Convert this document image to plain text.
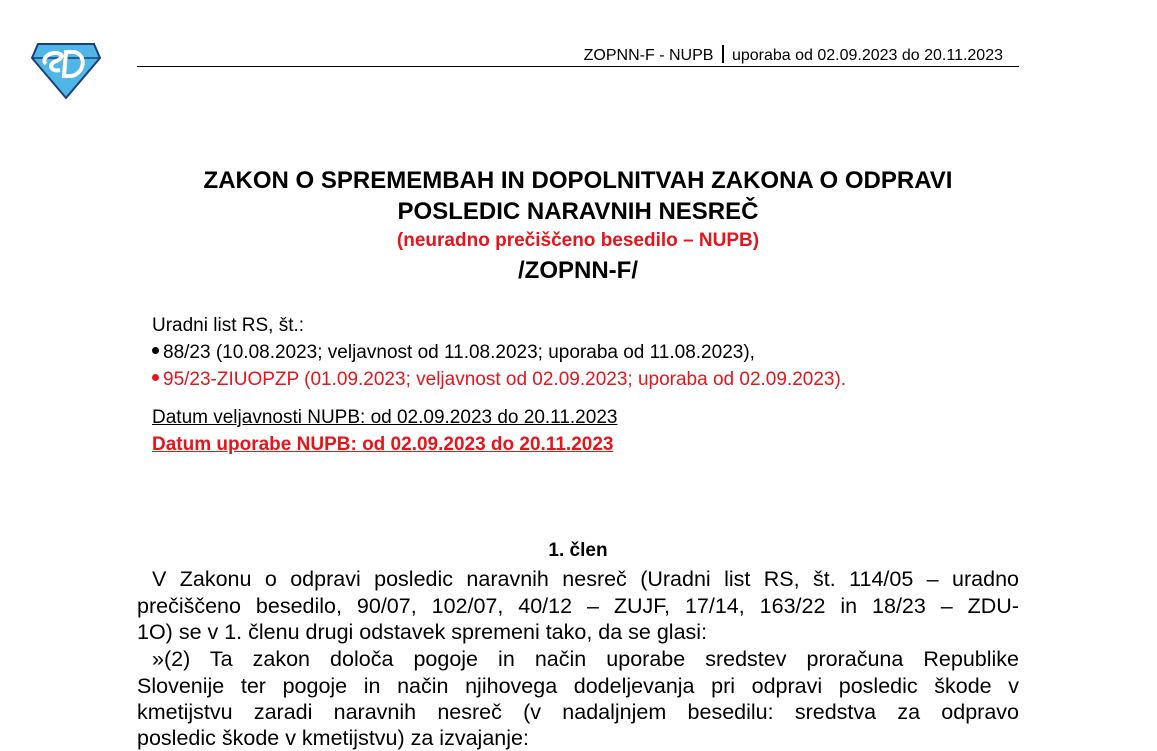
ZOPNN-F - NUPB uporaba od 02.09.2023 do 20.11.2023
ZAKON O SPREMEMBAH IN DOPOLNITVAH ZAKONA O ODPRAVI
POSLEDIC NARAVNIH NESREČ
(neuradno prečiščeno besedilo – NUPB)
/ZOPNN-F/
Uradni list RS, št.:
88/23 (10.08.2023; veljavnost od 11.08.2023; uporaba od 11.08.2023),
95/23-ZIUOPZP (01.09.2023; veljavnost od 02.09.2023; uporaba od 02.09.2023).
Datum veljavnosti NUPB: od 02.09.2023 do 20.11.2023
Datum uporabe NUPB: od 02.09.2023 do 20.11.2023
1. člen
V Zakonu o odpravi posledic naravnih nesreč (Uradni list RS, št. 114/05 – uradno
prečiščeno besedilo, 90/07, 102/07, 40/12 – ZUJF, 17/14, 163/22 in 18/23 – ZDU-
1O) se v 1. členu drugi odstavek spremeni tako, da se glasi:
»(2) Ta zakon določa pogoje in način uporabe sredstev proračuna Republike
Slovenije ter pogoje in način njihovega dodeljevanja pri odpravi posledic škode v
kmetijstvu zaradi naravnih nesreč (v nadaljnjem besedilu: sredstva za odpravo
posledic škode v kmetijstvu) za izvajanje:
